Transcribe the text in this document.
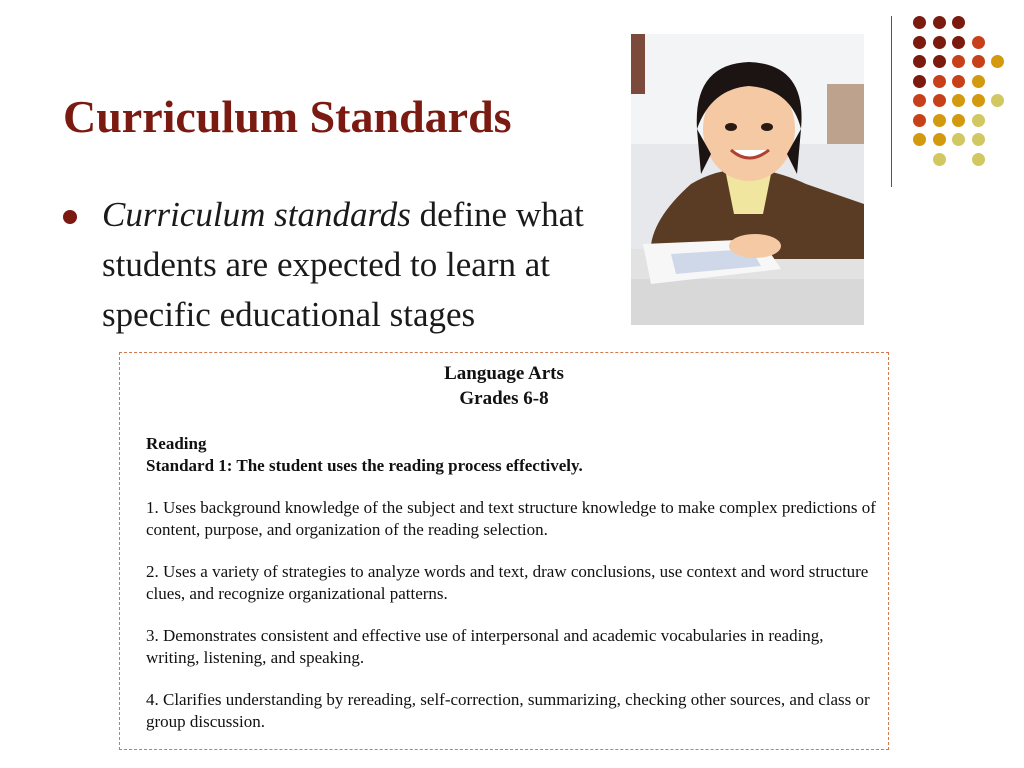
Curriculum Standards
Curriculum standards define what students are expected to learn at specific educational stages
Language Arts
Grades 6-8
Reading
Standard 1: The student uses the reading process effectively.
1. Uses background knowledge of the subject and text structure knowledge to make complex predictions of content, purpose, and organization of the reading selection.
2. Uses a variety of strategies to analyze words and text, draw conclusions, use context and word structure clues, and recognize organizational patterns.
3. Demonstrates consistent and effective use of interpersonal and academic vocabularies in reading, writing, listening, and speaking.
4. Clarifies understanding by rereading, self-correction, summarizing, checking other sources, and class or group discussion.
